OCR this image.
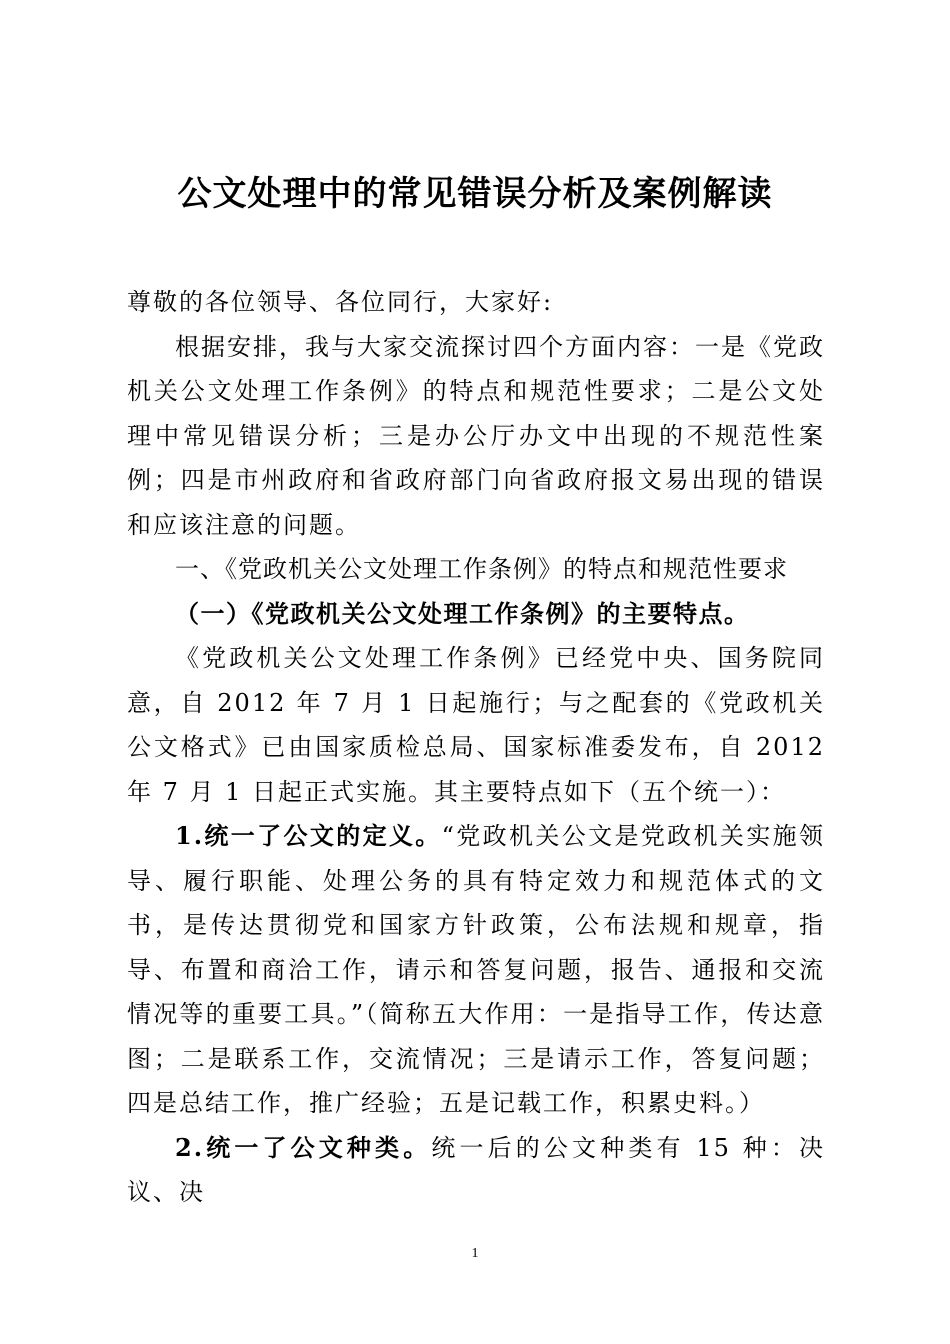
公文处理中的常见错误分析及案例解读

尊敬的各位领导、各位同行，大家好:

根据安排，我与大家交流探讨四个方面内容：一是《党政机关公文处理工作条例》的特点和规范性要求；二是公文处理中常见错误分析；三是办公厅办文中出现的不规范性案例；四是市州政府和省政府部门向省政府报文易出现的错误和应该注意的问题。

一、《党政机关公文处理工作条例》的特点和规范性要求

（一）《党政机关公文处理工作条例》的主要特点。

《党政机关公文处理工作条例》已经党中央、国务院同意，自 2012 年 7 月 1 日起施行；与之配套的《党政机关公文格式》已由国家质检总局、国家标准委发布，自 2012 年 7 月 1 日起正式实施。其主要特点如下（五个统一）：

1.统一了公文的定义。“党政机关公文是党政机关实施领导、履行职能、处理公务的具有特定效力和规范体式的文书，是传达贯彻党和国家方针政策，公布法规和规章，指导、布置和商洽工作，请示和答复问题，报告、通报和交流情况等的重要工具。”（简称五大作用：一是指导工作，传达意图；二是联系工作，交流情况；三是请示工作，答复问题；四是总结工作，推广经验；五是记载工作，积累史料。）

2.统一了公文种类。统一后的公文种类有 15 种：决议、决

1
